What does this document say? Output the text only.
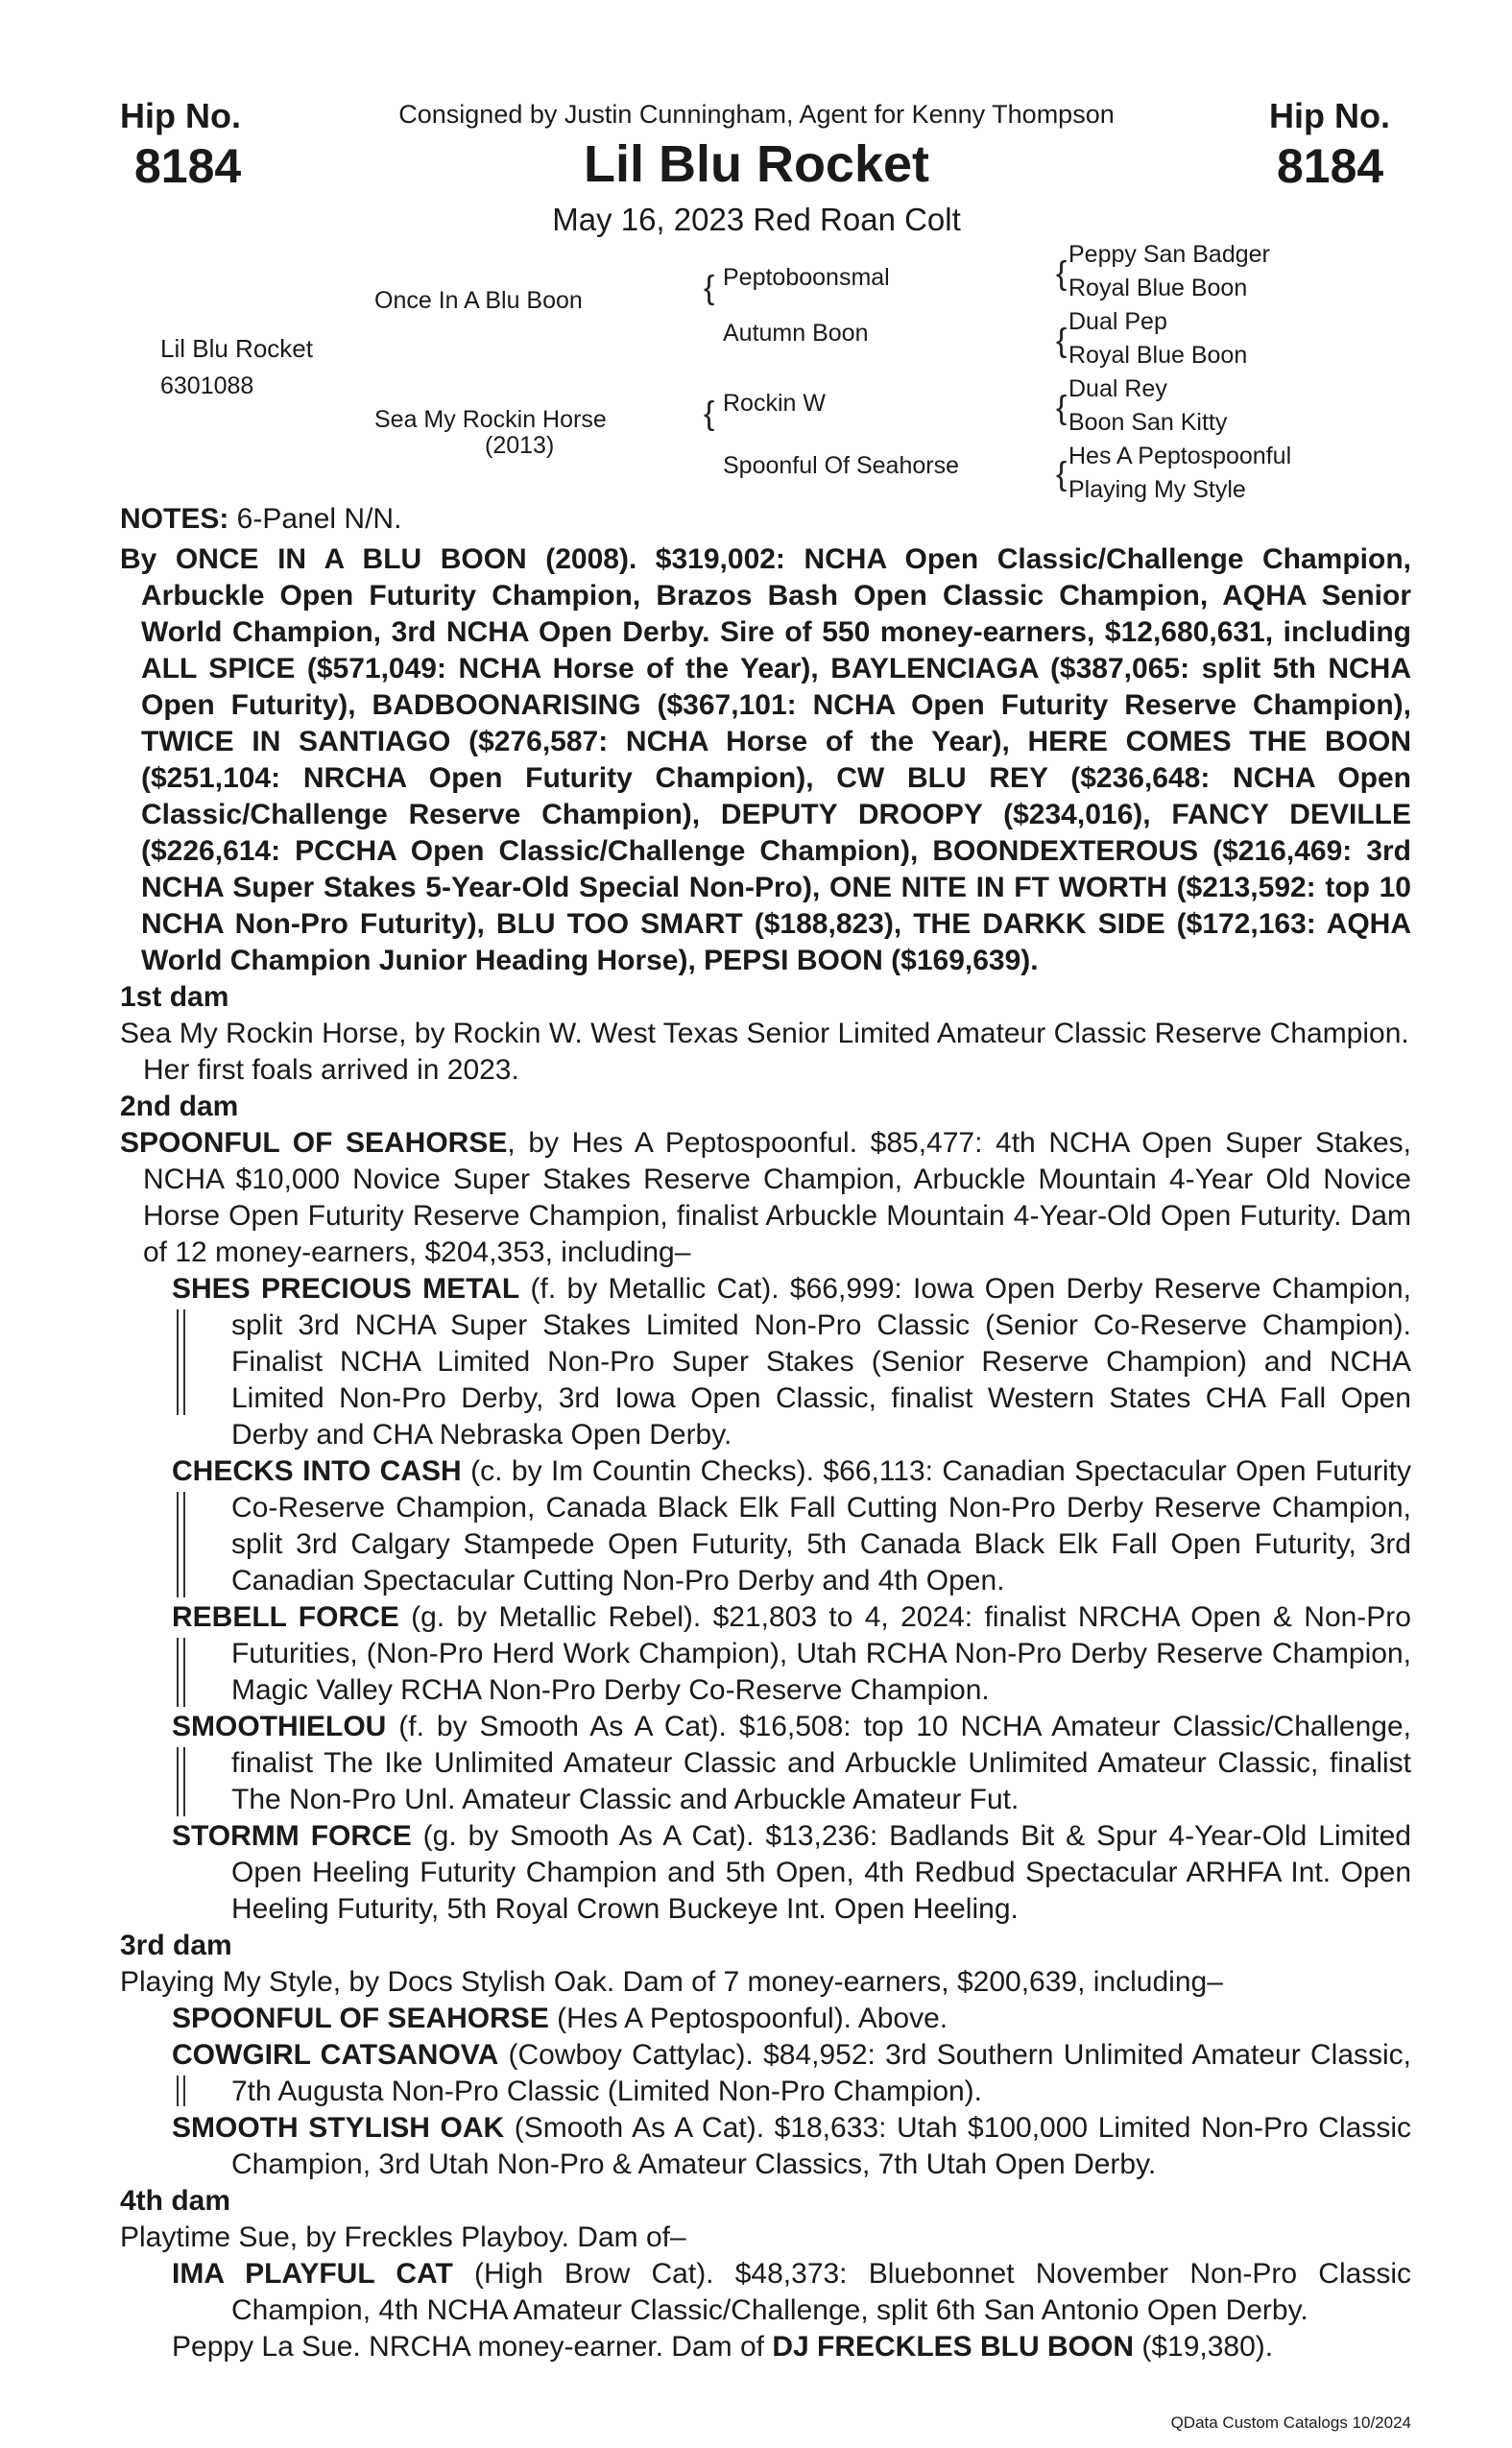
Hip No.
8184
Hip No.
8184
Consigned by Justin Cunningham, Agent for Kenny Thompson
Lil Blu Rocket
May 16, 2023 Red Roan Colt
Lil Blu Rocket
6301088
Once In A Blu Boon
Sea My Rockin Horse
(2013)
{ Peptoboonsmal
Autumn Boon
{ Rockin W
Spoonful Of Seahorse
{
Peppy San Badger
Royal Blue Boon
{
Dual Pep
Royal Blue Boon
{
Dual Rey
Boon San Kitty
{ Hes A Peptospoonful
Playing My Style

NOTES: 6-Panel N/N.

By ONCE IN A BLU BOON (2008). $319,002: NCHA Open Classic/Challenge Champion, Arbuckle Open Futurity Champion, Brazos Bash Open Classic Champion, AQHA Senior World Champion, 3rd NCHA Open Derby. Sire of 550 money-earners, $12,680,631, including ALL SPICE ($571,049: NCHA Horse of the Year), BAYLENCIAGA ($387,065: split 5th NCHA Open Futurity), BADBOONARISING ($367,101: NCHA Open Futurity Reserve Champion), TWICE IN SANTIAGO ($276,587: NCHA Horse of the Year), HERE COMES THE BOON ($251,104: NRCHA Open Futurity Champion), CW BLU REY ($236,648: NCHA Open Classic/Challenge Reserve Champion), DEPUTY DROOPY ($234,016), FANCY DEVILLE ($226,614: PCCHA Open Classic/Challenge Champion), BOONDEXTEROUS ($216,469: 3rd NCHA Super Stakes 5-Year-Old Special Non-Pro), ONE NITE IN FT WORTH ($213,592: top 10 NCHA Non-Pro Futurity), BLU TOO SMART ($188,823), THE DARKK SIDE ($172,163: AQHA World Champion Junior Heading Horse), PEPSI BOON ($169,639).

1st dam

Sea My Rockin Horse, by Rockin W. West Texas Senior Limited Amateur Classic Reserve Champion. Her first foals arrived in 2023.

2nd dam

SPOONFUL OF SEAHORSE, by Hes A Peptospoonful. $85,477: 4th NCHA Open Super Stakes, NCHA $10,000 Novice Super Stakes Reserve Champion, Arbuckle Mountain 4-Year Old Novice Horse Open Futurity Reserve Champion, finalist Arbuckle Mountain 4-Year-Old Open Futurity. Dam of 12 money-earners, $204,353, including–

SHES PRECIOUS METAL (f. by Metallic Cat). $66,999: Iowa Open Derby Reserve Champion, split 3rd NCHA Super Stakes Limited Non-Pro Classic (Senior Co-Reserve Champion). Finalist NCHA Limited Non-Pro Super Stakes (Senior Reserve Champion) and NCHA Limited Non-Pro Derby, 3rd Iowa Open Classic, finalist Western States CHA Fall Open Derby and CHA Nebraska Open Derby.

CHECKS INTO CASH (c. by Im Countin Checks). $66,113: Canadian Spectacular Open Futurity Co-Reserve Champion, Canada Black Elk Fall Cutting Non-Pro Derby Reserve Champion, split 3rd Calgary Stampede Open Futurity, 5th Canada Black Elk Fall Open Futurity, 3rd Canadian Spectacular Cutting Non-Pro Derby and 4th Open.

REBELL FORCE (g. by Metallic Rebel). $21,803 to 4, 2024: finalist NRCHA Open & Non-Pro Futurities, (Non-Pro Herd Work Champion), Utah RCHA Non-Pro Derby Reserve Champion, Magic Valley RCHA Non-Pro Derby Co-Reserve Champion.

SMOOTHIELOU (f. by Smooth As A Cat). $16,508: top 10 NCHA Amateur Classic/Challenge, finalist The Ike Unlimited Amateur Classic and Arbuckle Unlimited Amateur Classic, finalist The Non-Pro Unl. Amateur Classic and Arbuckle Amateur Fut.

STORMM FORCE (g. by Smooth As A Cat). $13,236: Badlands Bit & Spur 4-Year-Old Limited Open Heeling Futurity Champion and 5th Open, 4th Redbud Spectacular ARHFA Int. Open Heeling Futurity, 5th Royal Crown Buckeye Int. Open Heeling.

3rd dam

Playing My Style, by Docs Stylish Oak. Dam of 7 money-earners, $200,639, including–

SPOONFUL OF SEAHORSE (Hes A Peptospoonful). Above.

COWGIRL CATSANOVA (Cowboy Cattylac). $84,952: 3rd Southern Unlimited Amateur Classic, 7th Augusta Non-Pro Classic (Limited Non-Pro Champion).

SMOOTH STYLISH OAK (Smooth As A Cat). $18,633: Utah $100,000 Limited Non-Pro Classic Champion, 3rd Utah Non-Pro & Amateur Classics, 7th Utah Open Derby.

4th dam

Playtime Sue, by Freckles Playboy. Dam of–

IMA PLAYFUL CAT (High Brow Cat). $48,373: Bluebonnet November Non-Pro Classic Champion, 4th NCHA Amateur Classic/Challenge, split 6th San Antonio Open Derby.

Peppy La Sue. NRCHA money-earner. Dam of DJ FRECKLES BLU BOON ($19,380).

QData Custom Catalogs 10/2024
